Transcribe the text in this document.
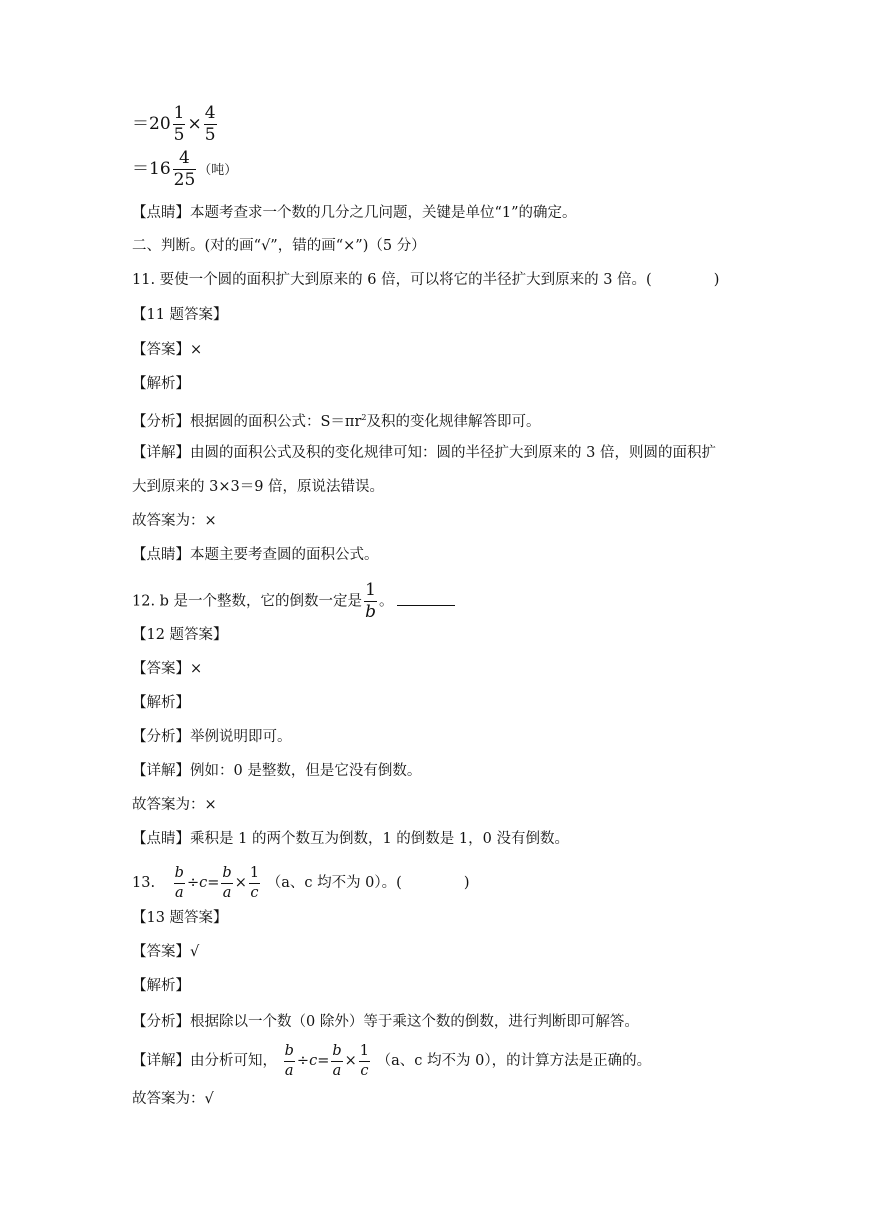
$=20 \frac{1}{5} \times \frac{4}{5}$
$=16 \frac{4}{25}$ （吨）
【点睛】本题考查求一个数的几分之几问题，关键是单位“1”的确定。
二、判断。(对的画“√”，错的画“×”)（5 分）
11. 要使一个圆的面积扩大到原来的 6 倍，可以将它的半径扩大到原来的 3 倍。(	)
【11 题答案】
【答案】×
【解析】
【分析】根据圆的面积公式：$S=\pi r^2$及积的变化规律解答即可。
【详解】由圆的面积公式及积的变化规律可知：圆的半径扩大到原来的 3 倍，则圆的面积扩
大到原来的 3×3＝9 倍，原说法错误。
故答案为：×
【点睛】本题主要考查圆的面积公式。
12. b 是一个整数，它的倒数一定是 $\frac{1}{b}$ 。
【12 题答案】
【答案】×
【解析】
【分析】举例说明即可。
【详解】例如：0 是整数，但是它没有倒数。
故答案为：×
【点睛】乘积是 1 的两个数互为倒数，1 的倒数是 1，0 没有倒数。
13. $\frac{b}{a} \div c= \frac{b}{a} \times \frac{1}{c} (a$、c 均不为 0）。(	)
【13 题答案】
【答案】√
【解析】
【分析】根据除以一个数（0 除外）等于乘这个数的倒数，进行判断即可解答。
【详解】由分析可知， $\frac{b}{a} \div c= \frac{b}{a} \times \frac{1}{c} (a$、c 均不为 0），的计算方法是正确的。
故答案为：√
